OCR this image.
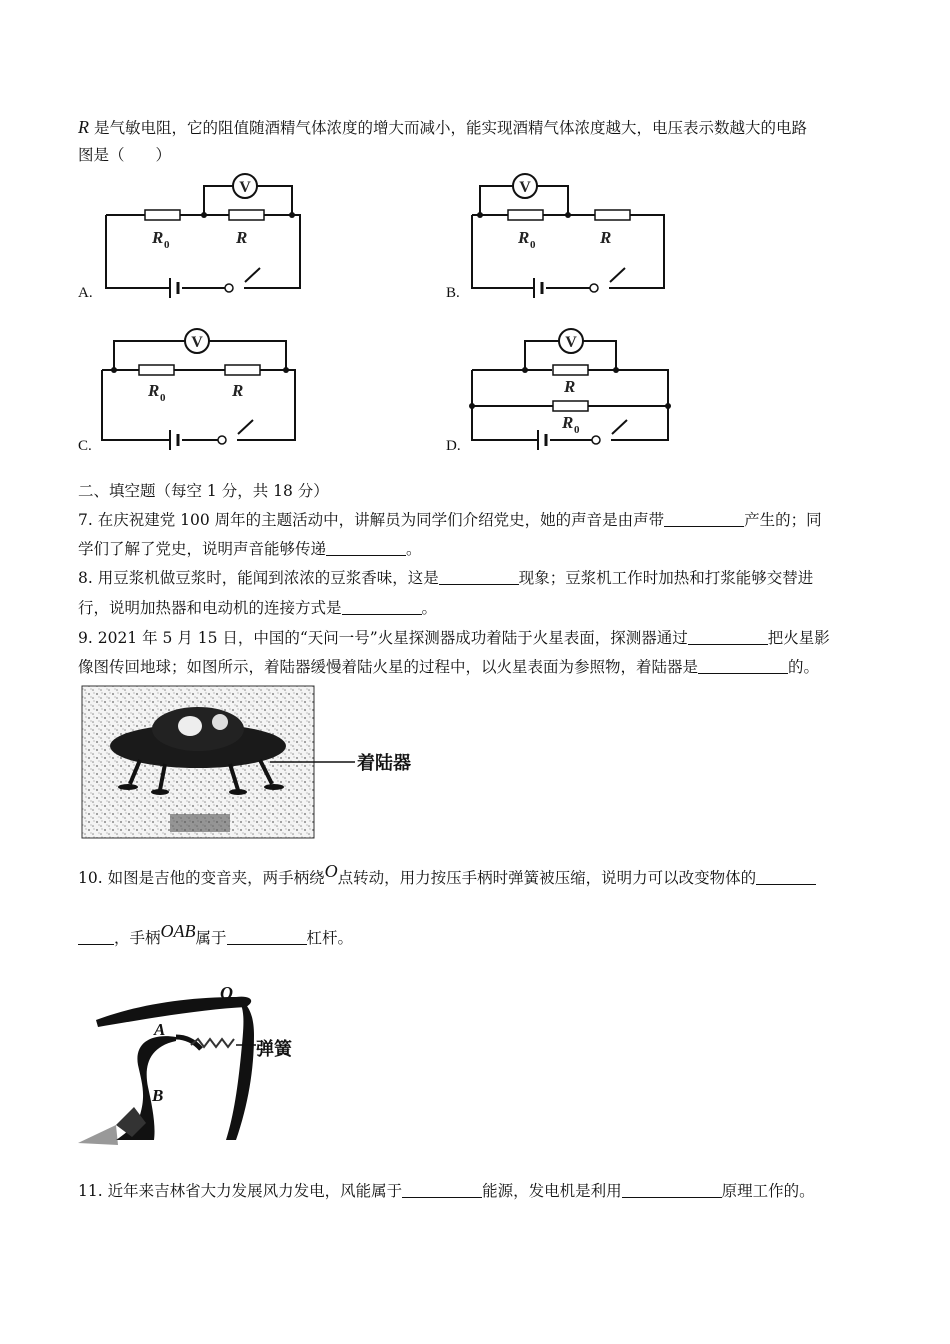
R 是气敏电阻，它的阻值随酒精气体浓度的增大而减小，能实现酒精气体浓度越大，电压表示数越大的电路
图是（　　）
V
R 0	R
A.
V
R 0	R
B.
V
R 0	R
C.
V
R
R 0
D.
二、填空题（每空 1 分，共 18 分）
7. 在庆祝建党 100 周年的主题活动中，讲解员为同学们介绍党史，她的声音是由声带	产生的；同
学们了解了党史，说明声音能够传递	。
8. 用豆浆机做豆浆时，能闻到浓浓的豆浆香味，这是	现象；豆浆机工作时加热和打浆能够交替进
行，说明加热器和电动机的连接方式是	。
9. 2021 年 5 月 15 日，中国的“天问一号”火星探测器成功着陆于火星表面，探测器通过	把火星影
像图传回地球；如图所示，着陆器缓慢着陆火星的过程中，以火星表面为参照物，着陆器是	的。
着陆器
10. 如图是吉他的变音夹，两手柄绕O点转动，用力按压手柄时弹簧被压缩，说明力可以改变物体的
，手柄OAB属于	杠杆。
O
A
B
弹簧
11. 近年来吉林省大力发展风力发电，风能属于	能源，发电机是利用	原理工作的。
